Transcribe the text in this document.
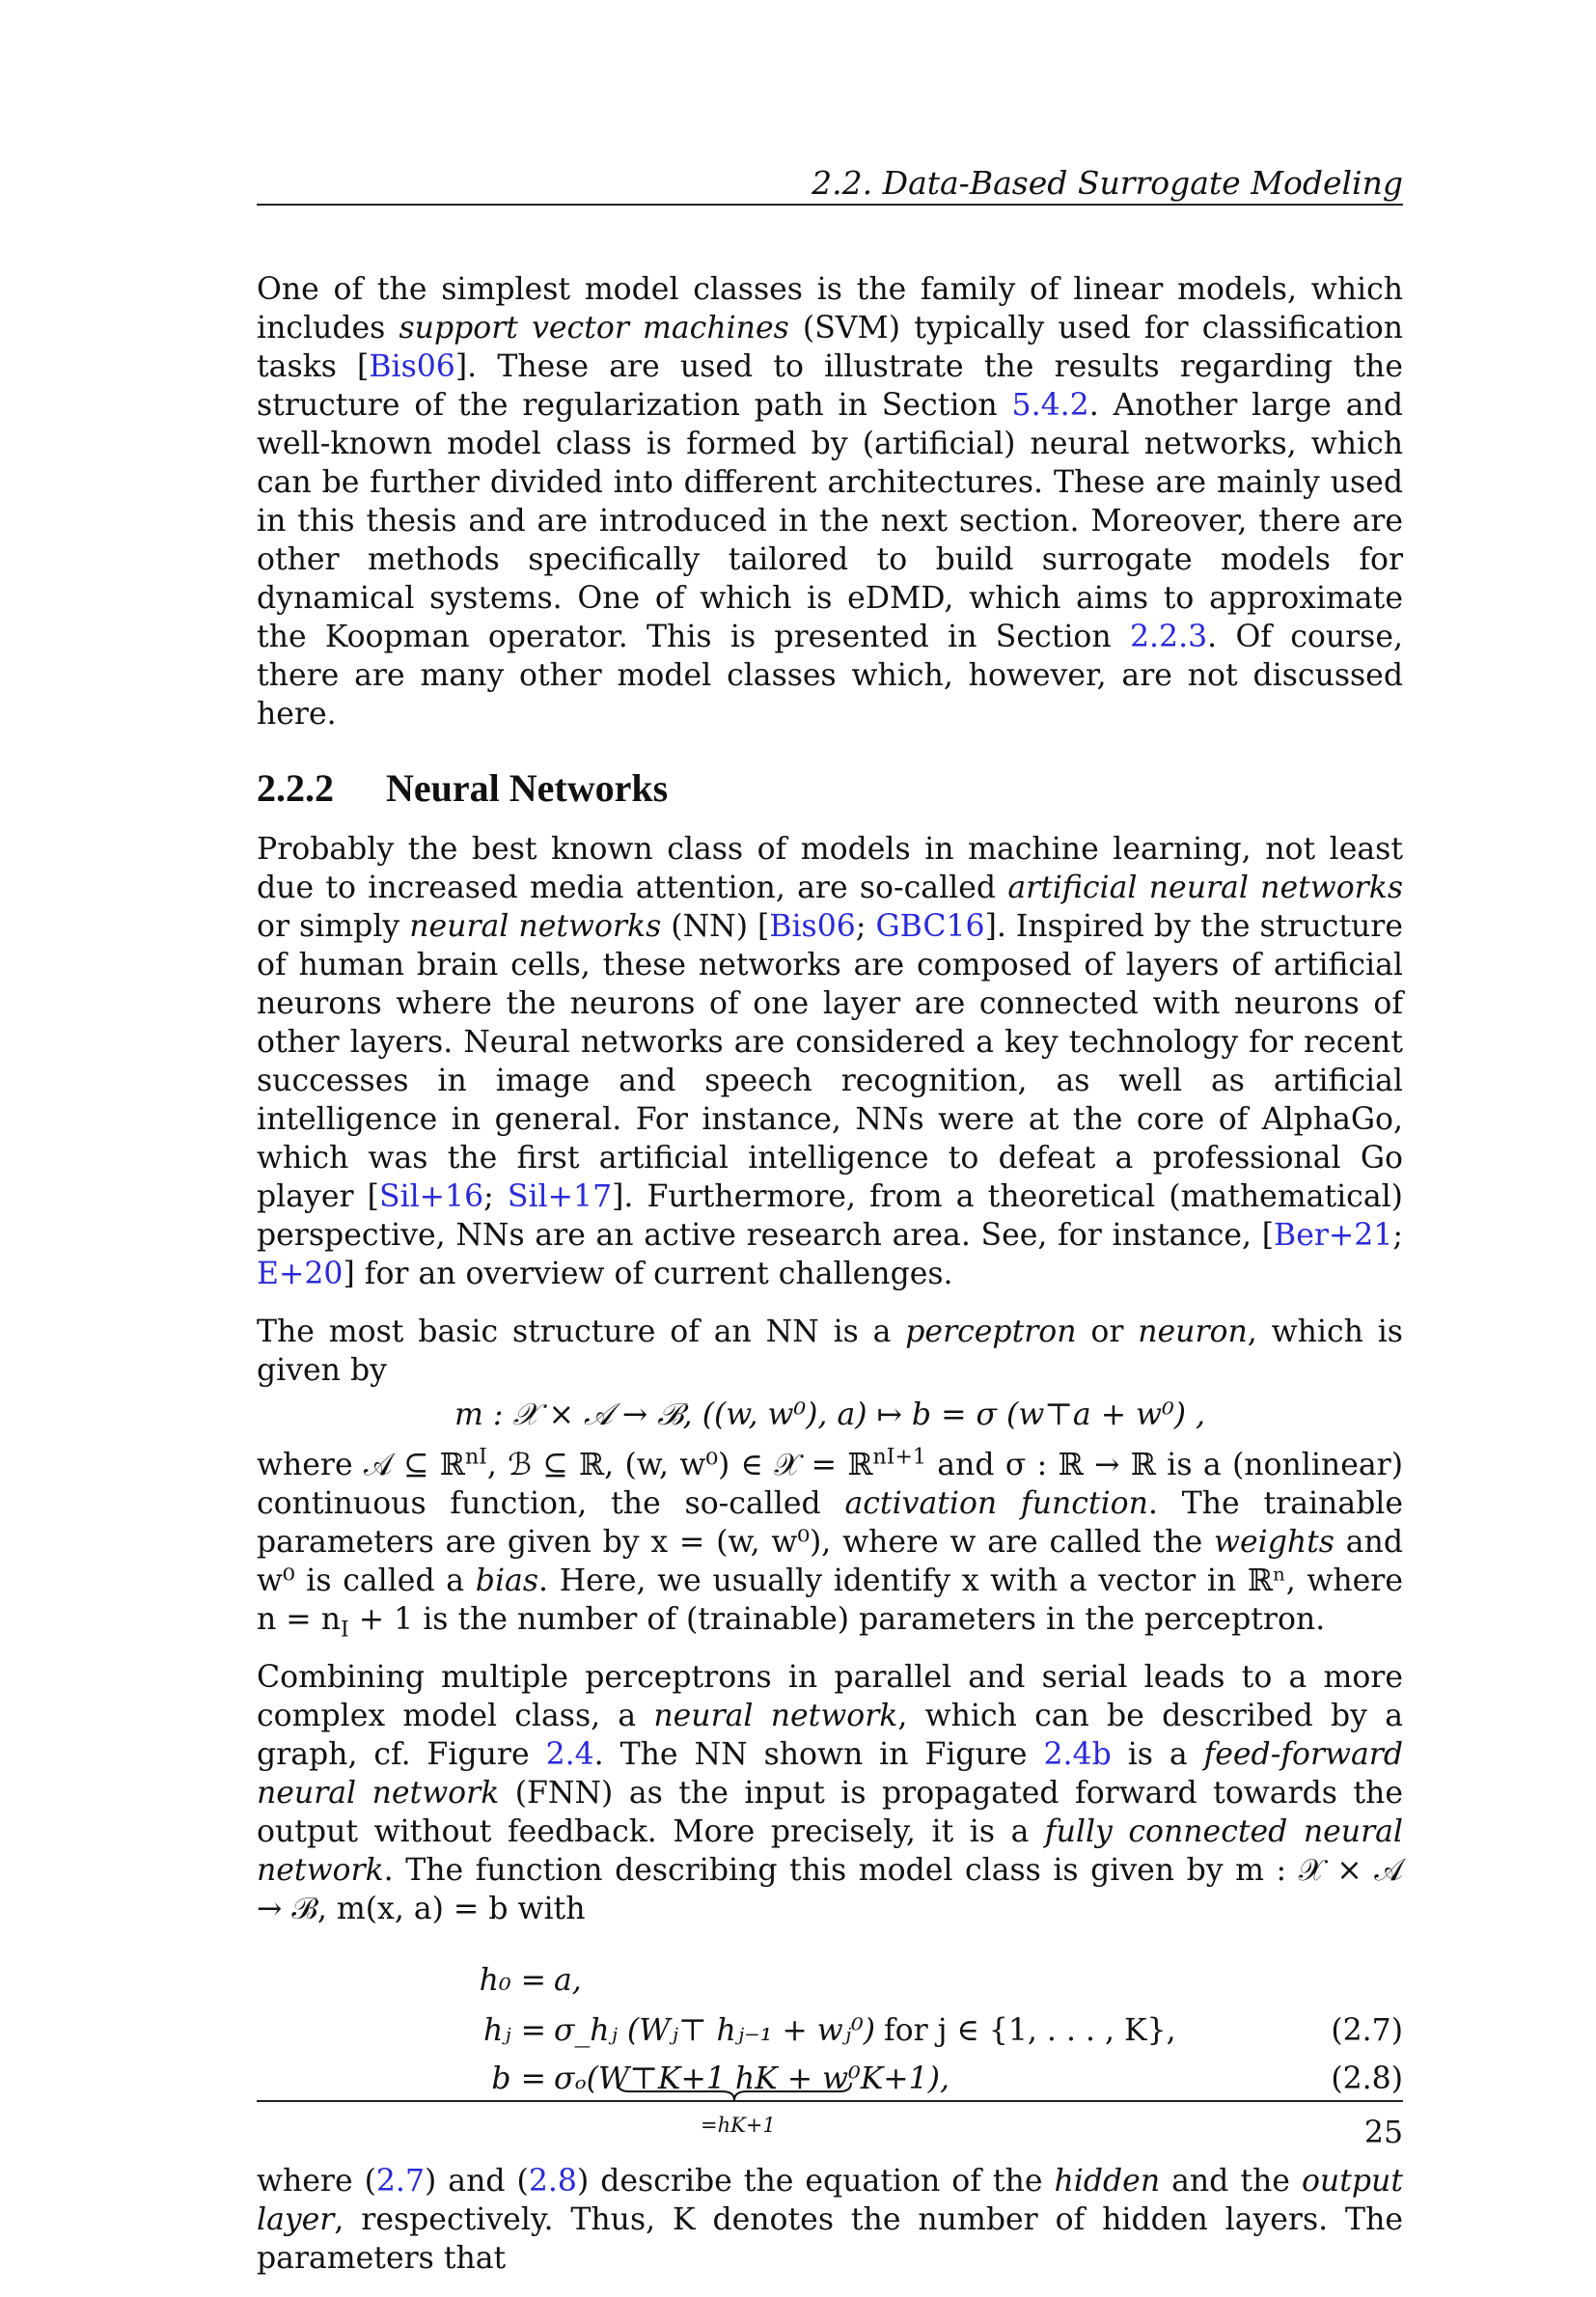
2.2. Data-Based Surrogate Modeling

One of the simplest model classes is the family of linear models, which includes support vector machines (SVM) typically used for classification tasks [Bis06]. These are used to illustrate the results regarding the structure of the regularization path in Section 5.4.2. Another large and well-known model class is formed by (artificial) neural networks, which can be further divided into different architectures. These are mainly used in this thesis and are introduced in the next section. Moreover, there are other methods specifically tailored to build surrogate models for dynamical systems. One of which is eDMD, which aims to approximate the Koopman operator. This is presented in Section 2.2.3. Of course, there are many other model classes which, however, are not discussed here.

2.2.2 Neural Networks

Probably the best known class of models in machine learning, not least due to increased media attention, are so-called artificial neural networks or simply neural networks (NN) [Bis06; GBC16]. Inspired by the structure of human brain cells, these networks are composed of layers of artificial neurons where the neurons of one layer are connected with neurons of other layers. Neural networks are considered a key technology for recent successes in image and speech recognition, as well as artificial intelligence in general. For instance, NNs were at the core of AlphaGo, which was the first artificial intelligence to defeat a professional Go player [Sil+16; Sil+17]. Furthermore, from a theoretical (mathematical) perspective, NNs are an active research area. See, for instance, [Ber+21; E+20] for an overview of current challenges.

The most basic structure of an NN is a perceptron or neuron, which is given by

m : 𝒳 × 𝒜 → ℬ, ((w, w⁰), a) ↦ b = σ (w⊤a + w⁰) ,

where 𝒜 ⊆ ℝ$^{nI}$, ℬ ⊆ ℝ, (w, w⁰) ∈ 𝒳 = ℝ$^{nI+1}$ and σ : ℝ → ℝ is a (nonlinear) continuous function, the so-called activation function. The trainable parameters are given by x = (w, w⁰), where w are called the weights and w⁰ is called a bias. Here, we usually identify x with a vector in ℝⁿ, where $n = n_I + 1$ is the number of (trainable) parameters in the perceptron.

Combining multiple perceptrons in parallel and serial leads to a more complex model class, a neural network, which can be described by a graph, cf. Figure 2.4. The NN shown in Figure 2.4b is a feed-forward neural network (FNN) as the input is propagated forward towards the output without feedback. More precisely, it is a fully connected neural network. The function describing this model class is given by m : 𝒳 × 𝒜 → ℬ, m(x, a) = b with

h₀ = a,
hⱼ = σ_hⱼ (Wⱼ⊤ hⱼ₋₁ + wⱼ⁰) for j ∈ {1, . . . , K},	(2.7)
b = σₒ(W⊤K+1 hK + w⁰K+1),	(2.8)
=hK+1

where (2.7) and (2.8) describe the equation of the hidden and the output layer, respectively. Thus, K denotes the number of hidden layers. The parameters that

25
